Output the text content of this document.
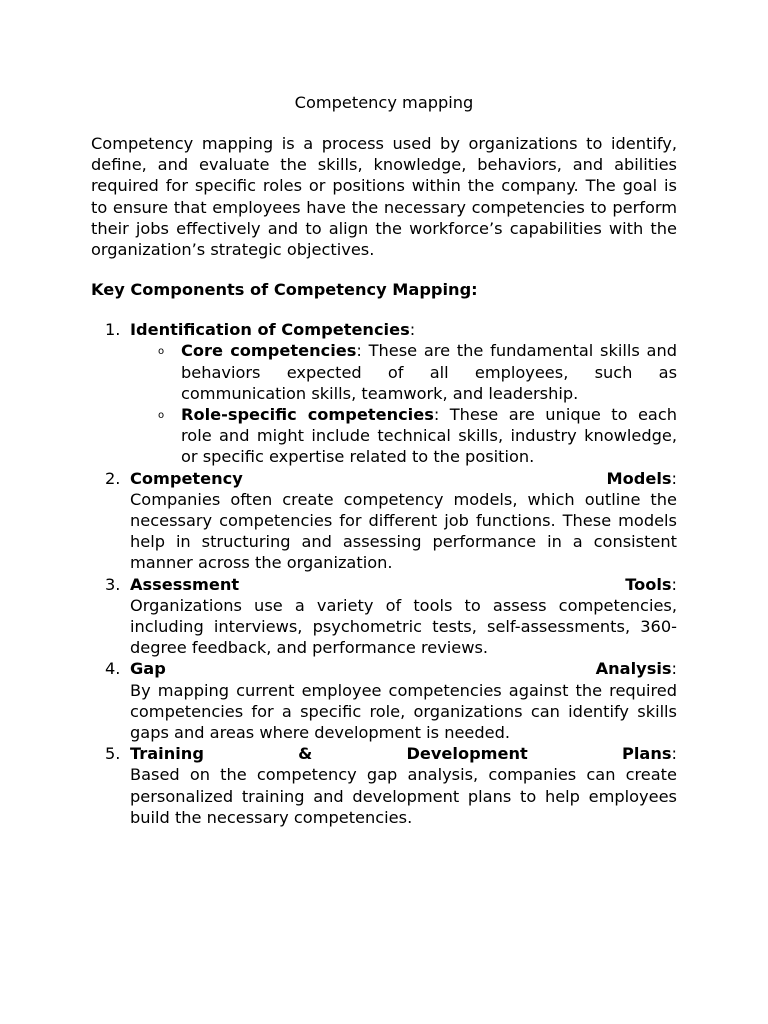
Competency mapping

Competency mapping is a process used by organizations to identify, define, and evaluate the skills, knowledge, behaviors, and abilities required for specific roles or positions within the company. The goal is to ensure that employees have the necessary competencies to perform their jobs effectively and to align the workforce’s capabilities with the organization’s strategic objectives.

Key Components of Competency Mapping:
1. Identification of Competencies:
o Core competencies: These are the fundamental skills and behaviors expected of all employees, such as communication skills, teamwork, and leadership.
o Role-specific competencies: These are unique to each role and might include technical skills, industry knowledge, or specific expertise related to the position.
2. Competency	Models:
Companies often create competency models, which outline the necessary competencies for different job functions. These models help in structuring and assessing performance in a consistent manner across the organization.
3. Assessment	Tools:
Organizations use a variety of tools to assess competencies, including interviews, psychometric tests, self-assessments, 360-degree feedback, and performance reviews.
4. Gap	Analysis:
By mapping current employee competencies against the required competencies for a specific role, organizations can identify skills gaps and areas where development is needed.
5. Training	&	Development	Plans:
Based on the competency gap analysis, companies can create personalized training and development plans to help employees build the necessary competencies.
